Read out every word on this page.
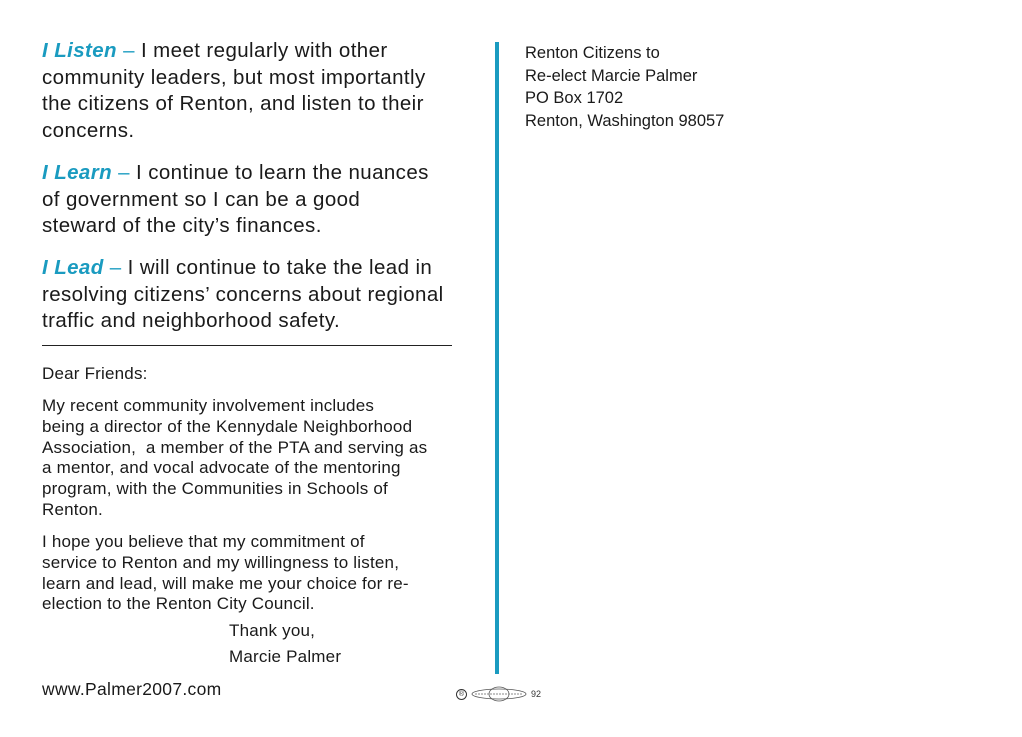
I Listen – I meet regularly with other
community leaders, but most importantly
the citizens of Renton, and listen to their
concerns.
I Learn – I continue to learn the nuances
of government so I can be a good
steward of the city’s finances.
I Lead – I will continue to take the lead in
resolving citizens’ concerns about regional
traffic and neighborhood safety.
Dear Friends:
My recent community involvement includes
being a director of the Kennydale Neighborhood
Association,  a member of the PTA and serving as
a mentor, and vocal advocate of the mentoring
program, with the Communities in Schools of
Renton.
I hope you believe that my commitment of
service to Renton and my willingness to listen,
learn and lead, will make me your choice for re-
election to the Renton City Council.
Thank you,
Marcie Palmer
www.Palmer2007.com
Renton Citizens to
Re-elect Marcie Palmer
PO Box 1702
Renton, Washington 98057
®	92
